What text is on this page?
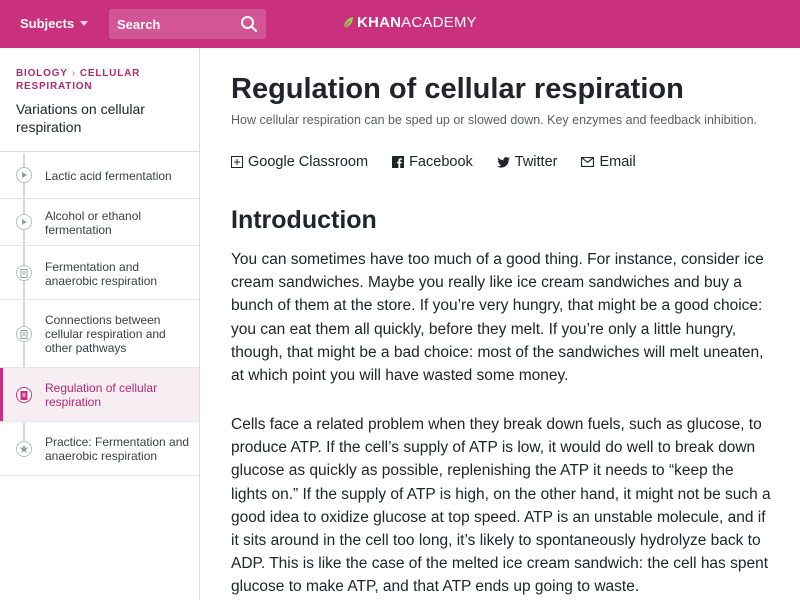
Subjects
Search	KHAN ACADEMY
BIOLOGY › CELLULAR RESPIRATION
Variations on cellular respiration
Lactic acid fermentation
Alcohol or ethanol fermentation
Fermentation and anaerobic respiration
Connections between cellular respiration and other pathways
Regulation of cellular respiration
Practice: Fermentation and anaerobic respiration
Regulation of cellular respiration
How cellular respiration can be sped up or slowed down. Key enzymes and feedback inhibition.
Google Classroom	Facebook	Twitter	Email
Introduction

You can sometimes have too much of a good thing. For instance, consider ice cream sandwiches. Maybe you really like ice cream sandwiches and buy a bunch of them at the store. If you’re very hungry, that might be a good choice: you can eat them all quickly, before they melt. If you’re only a little hungry, though, that might be a bad choice: most of the sandwiches will melt uneaten, at which point you will have wasted some money.

Cells face a related problem when they break down fuels, such as glucose, to produce ATP. If the cell’s supply of ATP is low, it would do well to break down glucose as quickly as possible, replenishing the ATP it needs to “keep the lights on.” If the supply of ATP is high, on the other hand, it might not be such a good idea to oxidize glucose at top speed. ATP is an unstable molecule, and if it sits around in the cell too long, it’s likely to spontaneously hydrolyze back to ADP. This is like the case of the melted ice cream sandwich: the cell has spent glucose to make ATP, and that ATP ends up going to waste.
